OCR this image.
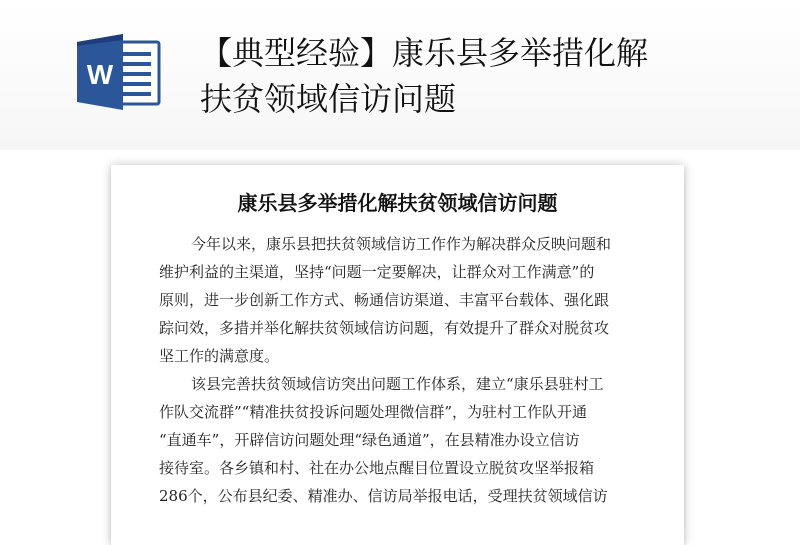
W
【典型经验】康乐县多举措化解
扶贫领域信访问题
康乐县多举措化解扶贫领域信访问题
今年以来，康乐县把扶贫领域信访工作作为解决群众反映问题和
维护利益的主渠道，坚持“问题一定要解决，让群众对工作满意”的
原则，进一步创新工作方式、畅通信访渠道、丰富平台载体、强化跟
踪问效，多措并举化解扶贫领域信访问题，有效提升了群众对脱贫攻
坚工作的满意度。
该县完善扶贫领域信访突出问题工作体系，建立“康乐县驻村工
作队交流群”“精准扶贫投诉问题处理微信群”，为驻村工作队开通
“直通车”，开辟信访问题处理“绿色通道”，在县精准办设立信访
接待室。各乡镇和村、社在办公地点醒目位置设立脱贫攻坚举报箱
286个，公布县纪委、精准办、信访局举报电话，受理扶贫领域信访
